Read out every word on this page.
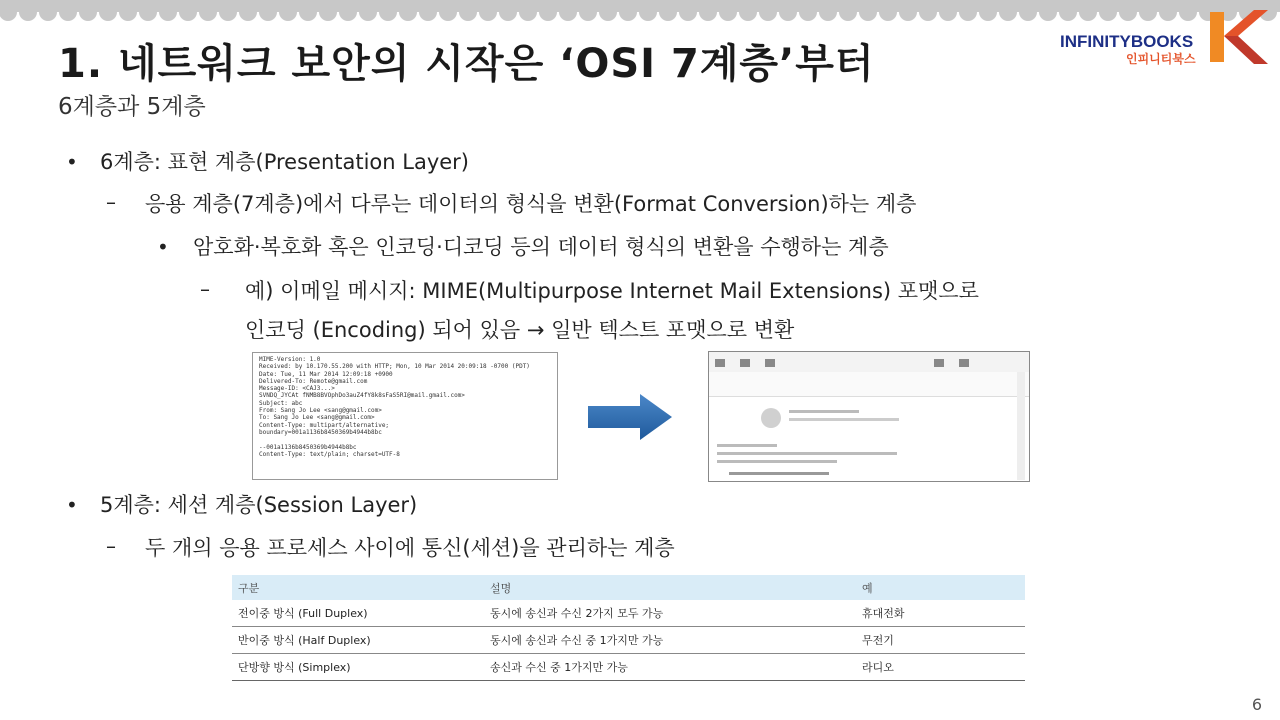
1. 네트워크 보안의 시작은 ‘OSI 7계층’부터
6계층과 5계층
INFINITYBOOKS
인피니티북스
• 6계층: 표현 계층(Presentation Layer)
– 응용 계층(7계층)에서 다루는 데이터의 형식을 변환(Format Conversion)하는 계층
• 암호화·복호화 혹은 인코딩·디코딩 등의 데이터 형식의 변환을 수행하는 계층
– 예) 이메일 메시지: MIME(Multipurpose Internet Mail Extensions) 포맷으로
인코딩 (Encoding) 되어 있음 → 일반 텍스트 포맷으로 변환
MIME-Version: 1.0
Received: by 10.170.55.200 with HTTP; Mon, 10 Mar 2014 20:09:18 -0700 (PDT)
Date: Tue, 11 Mar 2014 12:09:18 +0900
Delivered-To: Remote@gmail.com
Message-ID: <CAJ3...>
SVNDQ_JYCAt fNMB8BVOphDo3auZ4fY8k8sFaS5RI@mail.gmail.com>
Subject: abc
From: Sang Jo Lee <sang@gmail.com>
To: Sang Jo Lee <sang@gmail.com>
Content-Type: multipart/alternative;
boundary=001a1136b8450369b4944b8bc

--001a1136b8450369b4944b8bc
Content-Type: text/plain; charset=UTF-8

• 5계층: 세션 계층(Session Layer)
– 두 개의 응용 프로세스 사이에 통신(세션)을 관리하는 계층
구분	설명	예
전이중 방식 (Full Duplex)	동시에 송신과 수신 2가지 모두 가능	휴대전화
반이중 방식 (Half Duplex)	동시에 송신과 수신 중 1가지만 가능	무전기
단방향 방식 (Simplex)	송신과 수신 중 1가지만 가능	라디오
6
